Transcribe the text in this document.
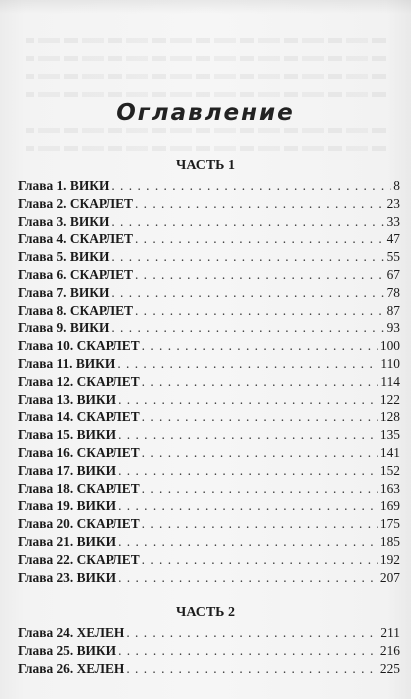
Оглавление
ЧАСТЬ 1
Глава 1. ВИКИ . . .	8
Глава 2. СКАРЛЕТ . . .	23
Глава 3. ВИКИ . . .	33
Глава 4. СКАРЛЕТ . . .	47
Глава 5. ВИКИ . . .	55
Глава 6. СКАРЛЕТ . . .	67
Глава 7. ВИКИ . . .	78
Глава 8. СКАРЛЕТ . . .	87
Глава 9. ВИКИ . . .	93
Глава 10. СКАРЛЕТ . . .	100
Глава 11. ВИКИ . . .	110
Глава 12. СКАРЛЕТ . . .	114
Глава 13. ВИКИ . . .	122
Глава 14. СКАРЛЕТ . . .	128
Глава 15. ВИКИ . . .	135
Глава 16. СКАРЛЕТ . . .	141
Глава 17. ВИКИ . . .	152
Глава 18. СКАРЛЕТ . . .	163
Глава 19. ВИКИ . . .	169
Глава 20. СКАРЛЕТ . . .	175
Глава 21. ВИКИ . . .	185
Глава 22. СКАРЛЕТ . . .	192
Глава 23. ВИКИ . . .	207
ЧАСТЬ 2
Глава 24. ХЕЛЕН . . .	211
Глава 25. ВИКИ . . .	216
Глава 26. ХЕЛЕН . . .	225
